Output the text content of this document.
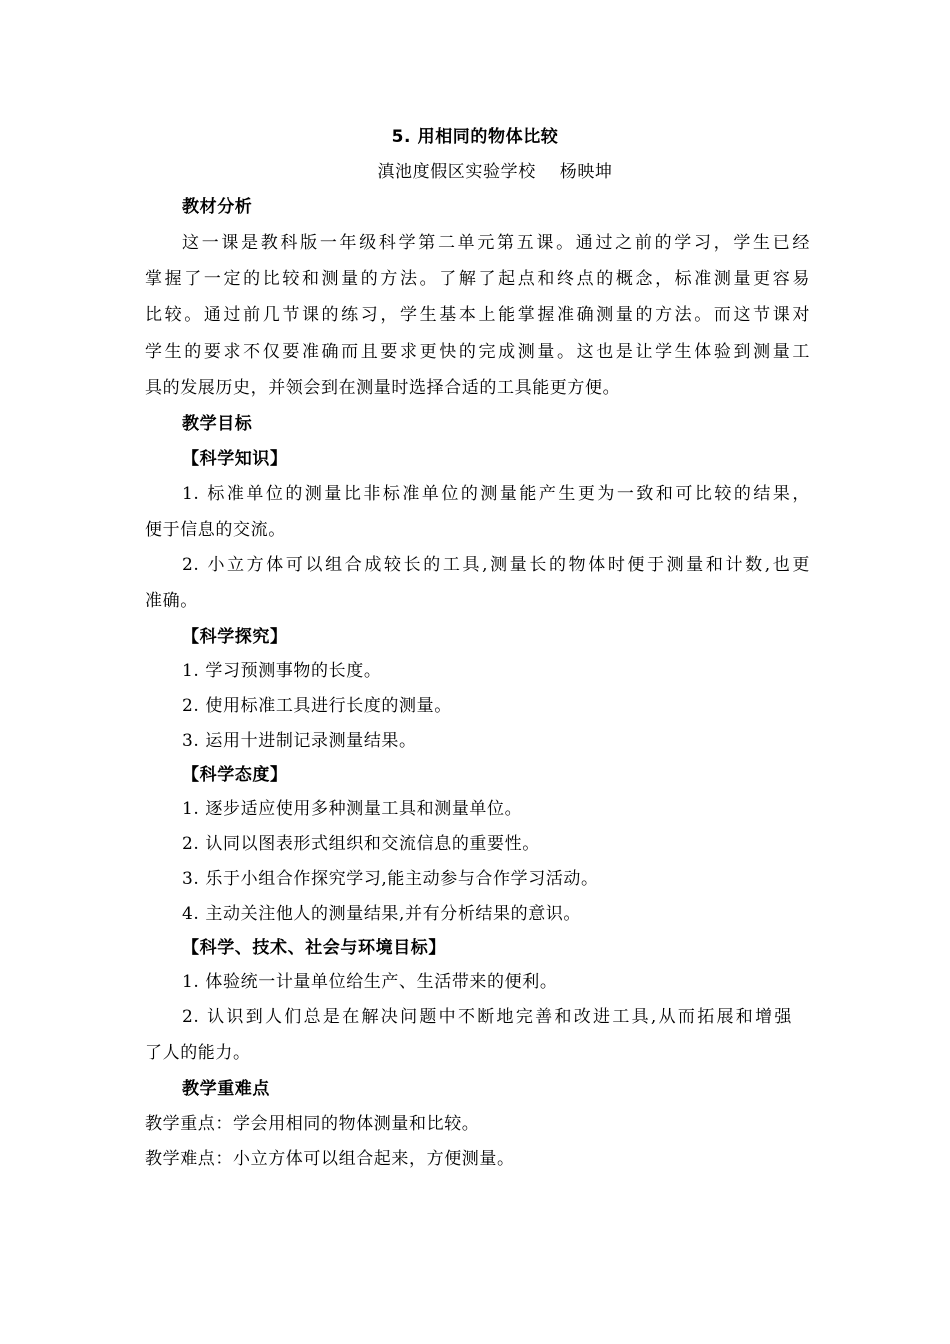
5. 用相同的物体比较
滇池度假区实验学校 杨映坤
教材分析
这一课是教科版一年级科学第二单元第五课。通过之前的学习，学生已经
掌握了一定的比较和测量的方法。了解了起点和终点的概念，标准测量更容易
比较。通过前几节课的练习，学生基本上能掌握准确测量的方法。而这节课对
学生的要求不仅要准确而且要求更快的完成测量。这也是让学生体验到测量工
具的发展历史，并领会到在测量时选择合适的工具能更方便。
教学目标
【科学知识】
1. 标准单位的测量比非标准单位的测量能产生更为一致和可比较的结果，
便于信息的交流。
2. 小立方体可以组合成较长的工具,测量长的物体时便于测量和计数,也更
准确。
【科学探究】
1. 学习预测事物的长度。
2. 使用标准工具进行长度的测量。
3. 运用十进制记录测量结果。
【科学态度】
1. 逐步适应使用多种测量工具和测量单位。
2. 认同以图表形式组织和交流信息的重要性。
3. 乐于小组合作探究学习,能主动参与合作学习活动。
4. 主动关注他人的测量结果,并有分析结果的意识。
【科学、技术、社会与环境目标】
1. 体验统一计量单位给生产、生活带来的便利。
2. 认识到人们总是在解决问题中不断地完善和改进工具,从而拓展和增强
了人的能力。
教学重难点
教学重点：学会用相同的物体测量和比较。
教学难点：小立方体可以组合起来，方便测量。
